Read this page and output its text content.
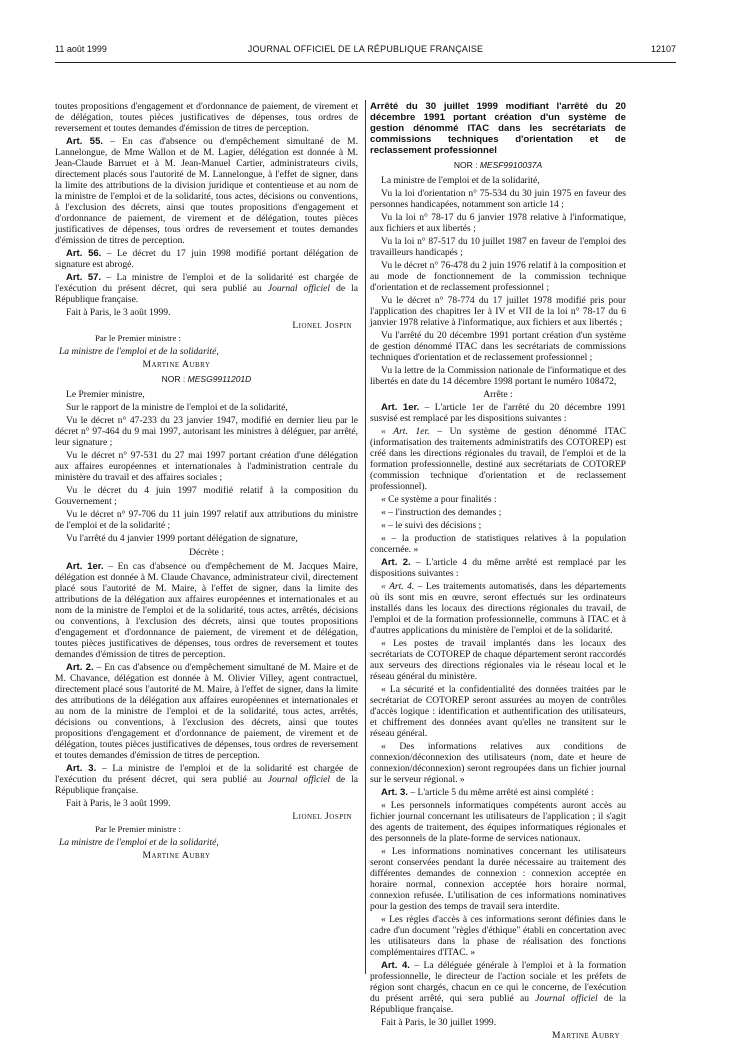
11 août 1999	JOURNAL OFFICIEL DE LA RÉPUBLIQUE FRANÇAISE	12107

toutes propositions d'engagement et d'ordonnance de paiement, de virement et de délégation, toutes pièces justificatives de dépenses, tous ordres de reversement et toutes demandes d'émission de titres de perception.

Art. 55. – En cas d'absence ou d'empêchement simultané de M. Lannelongue, de Mme Wallon et de M. Lagier, délégation est donnée à M. Jean-Claude Barruet et à M. Jean-Manuel Cartier, administrateurs civils, directement placés sous l'autorité de M. Lannelongue, à l'effet de signer, dans la limite des attributions de la division juridique et contentieuse et au nom de la ministre de l'emploi et de la solidarité, tous actes, décisions ou conventions, à l'exclusion des décrets, ainsi que toutes propositions d'engagement et d'ordonnance de paiement, de virement et de délégation, toutes pièces justificatives de dépenses, tous ordres de reversement et toutes demandes d'émission de titres de perception.

Art. 56. – Le décret du 17 juin 1998 modifié portant délégation de signature est abrogé.

Art. 57. – La ministre de l'emploi et de la solidarité est chargée de l'exécution du présent décret, qui sera publié au Journal officiel de la République française.

Fait à Paris, le 3 août 1999.

Lionel Jospin

Par le Premier ministre :

La ministre de l'emploi et de la solidarité,

Martine Aubry

NOR : MESG9911201D

Le Premier ministre,

Sur le rapport de la ministre de l'emploi et de la solidarité,

Vu le décret n° 47-233 du 23 janvier 1947, modifié en dernier lieu par le décret n° 97-464 du 9 mai 1997, autorisant les ministres à déléguer, par arrêté, leur signature ;

Vu le décret n° 97-531 du 27 mai 1997 portant création d'une délégation aux affaires européennes et internationales à l'administration centrale du ministère du travail et des affaires sociales ;

Vu le décret du 4 juin 1997 modifié relatif à la composition du Gouvernement ;

Vu le décret n° 97-706 du 11 juin 1997 relatif aux attributions du ministre de l'emploi et de la solidarité ;

Vu l'arrêté du 4 janvier 1999 portant délégation de signature,

Décrète :

Art. 1er. – En cas d'absence ou d'empêchement de M. Jacques Maire, délégation est donnée à M. Claude Chavance, administrateur civil, directement placé sous l'autorité de M. Maire, à l'effet de signer, dans la limite des attributions de la délégation aux affaires européennes et internationales et au nom de la ministre de l'emploi et de la solidarité, tous actes, arrêtés, décisions ou conventions, à l'exclusion des décrets, ainsi que toutes propositions d'engagement et d'ordonnance de paiement, de virement et de délégation, toutes pièces justificatives de dépenses, tous ordres de reversement et toutes demandes d'émission de titres de perception.

Art. 2. – En cas d'absence ou d'empêchement simultané de M. Maire et de M. Chavance, délégation est donnée à M. Olivier Villey, agent contractuel, directement placé sous l'autorité de M. Maire, à l'effet de signer, dans la limite des attributions de la délégation aux affaires européennes et internationales et au nom de la ministre de l'emploi et de la solidarité, tous actes, arrêtés, décisions ou conventions, à l'exclusion des décrets, ainsi que toutes propositions d'engagement et d'ordonnance de paiement, de virement et de délégation, toutes pièces justificatives de dépenses, tous ordres de reversement et toutes demandes d'émission de titres de perception.

Art. 3. – La ministre de l'emploi et de la solidarité est chargée de l'exécution du présent décret, qui sera publié au Journal officiel de la République française.

Fait à Paris, le 3 août 1999.

Lionel Jospin

Par le Premier ministre :

La ministre de l'emploi et de la solidarité,

Martine Aubry

Arrêté du 30 juillet 1999 modifiant l'arrêté du 20 décembre 1991 portant création d'un système de gestion dénommé ITAC dans les secrétariats de commissions techniques d'orientation et de reclassement professionnel

NOR : MESF9910037A

La ministre de l'emploi et de la solidarité,

Vu la loi d'orientation n° 75-534 du 30 juin 1975 en faveur des personnes handicapées, notamment son article 14 ;

Vu la loi n° 78-17 du 6 janvier 1978 relative à l'informatique, aux fichiers et aux libertés ;

Vu la loi n° 87-517 du 10 juillet 1987 en faveur de l'emploi des travailleurs handicapés ;

Vu le décret n° 76-478 du 2 juin 1976 relatif à la composition et au mode de fonctionnement de la commission technique d'orientation et de reclassement professionnel ;

Vu le décret n° 78-774 du 17 juillet 1978 modifié pris pour l'application des chapitres Ier à IV et VII de la loi n° 78-17 du 6 janvier 1978 relative à l'informatique, aux fichiers et aux libertés ;

Vu l'arrêté du 20 décembre 1991 portant création d'un système de gestion dénommé ITAC dans les secrétariats de commissions techniques d'orientation et de reclassement professionnel ;

Vu la lettre de la Commission nationale de l'informatique et des libertés en date du 14 décembre 1998 portant le numéro 108472,

Arrête :

Art. 1er. – L'article 1er de l'arrêté du 20 décembre 1991 susvisé est remplacé par les dispositions suivantes :

« Art. 1er. – Un système de gestion dénommé ITAC (informatisation des traitements administratifs des COTOREP) est créé dans les directions régionales du travail, de l'emploi et de la formation professionnelle, destiné aux secrétariats de COTOREP (commission technique d'orientation et de reclassement professionnel).

« Ce système a pour finalités :

« – l'instruction des demandes ;

« – le suivi des décisions ;

« – la production de statistiques relatives à la population concernée. »

Art. 2. – L'article 4 du même arrêté est remplacé par les dispositions suivantes :

« Art. 4. – Les traitements automatisés, dans les départements où ils sont mis en œuvre, seront effectués sur les ordinateurs installés dans les locaux des directions régionales du travail, de l'emploi et de la formation professionnelle, communs à ITAC et à d'autres applications du ministère de l'emploi et de la solidarité.

« Les postes de travail implantés dans les locaux des secrétariats de COTOREP de chaque département seront raccordés aux serveurs des directions régionales via le réseau local et le réseau général du ministère.

« La sécurité et la confidentialité des données traitées par le secrétariat de COTOREP seront assurées au moyen de contrôles d'accès logique : identification et authentification des utilisateurs, et chiffrement des données avant qu'elles ne transitent sur le réseau général.

« Des informations relatives aux conditions de connexion/déconnexion des utilisateurs (nom, date et heure de connexion/déconnexion) seront regroupées dans un fichier journal sur le serveur régional. »

Art. 3. – L'article 5 du même arrêté est ainsi complété :

« Les personnels informatiques compétents auront accès au fichier journal concernant les utilisateurs de l'application ; il s'agit des agents de traitement, des équipes informatiques régionales et des personnels de la plate-forme de services nationaux.

« Les informations nominatives concernant les utilisateurs seront conservées pendant la durée nécessaire au traitement des différentes demandes de connexion : connexion acceptée en horaire normal, connexion acceptée hors horaire normal, connexion refusée. L'utilisation de ces informations nominatives pour la gestion des temps de travail sera interdite.

« Les règles d'accès à ces informations seront définies dans le cadre d'un document "règles d'éthique" établi en concertation avec les utilisateurs dans la phase de réalisation des fonctions complémentaires d'ITAC. »

Art. 4. – La déléguée générale à l'emploi et à la formation professionnelle, le directeur de l'action sociale et les préfets de région sont chargés, chacun en ce qui le concerne, de l'exécution du présent arrêté, qui sera publié au Journal officiel de la République française.

Fait à Paris, le 30 juillet 1999.

Martine Aubry
